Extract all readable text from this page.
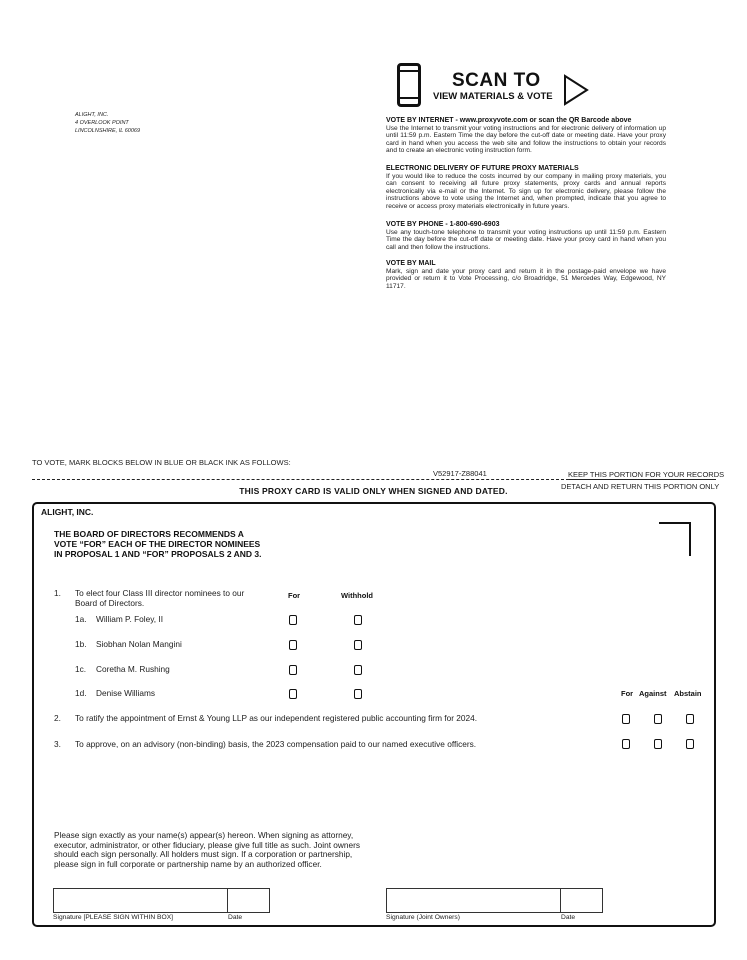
ALIGHT, INC.
4 OVERLOOK POINT
LINCOLNSHIRE, IL 60069
SCAN TO
VIEW MATERIALS & VOTE
VOTE BY INTERNET - www.proxyvote.com or scan the QR Barcode above

Use the Internet to transmit your voting instructions and for electronic delivery of information up until 11:59 p.m. Eastern Time the day before the cut-off date or meeting date. Have your proxy card in hand when you access the web site and follow the instructions to obtain your records and to create an electronic voting instruction form.

ELECTRONIC DELIVERY OF FUTURE PROXY MATERIALS

If you would like to reduce the costs incurred by our company in mailing proxy materials, you can consent to receiving all future proxy statements, proxy cards and annual reports electronically via e-mail or the Internet. To sign up for electronic delivery, please follow the instructions above to vote using the Internet and, when prompted, indicate that you agree to receive or access proxy materials electronically in future years.

VOTE BY PHONE - 1-800-690-6903

Use any touch-tone telephone to transmit your voting instructions up until 11:59 p.m. Eastern Time the day before the cut-off date or meeting date. Have your proxy card in hand when you call and then follow the instructions.

VOTE BY MAIL

Mark, sign and date your proxy card and return it in the postage-paid envelope we have provided or return it to Vote Processing, c/o Broadridge, 51 Mercedes Way, Edgewood, NY 11717.

TO VOTE, MARK BLOCKS BELOW IN BLUE OR BLACK INK AS FOLLOWS:
V52917-Z88041	KEEP THIS PORTION FOR YOUR RECORDS
DETACH AND RETURN THIS PORTION ONLY
THIS PROXY CARD IS VALID ONLY WHEN SIGNED AND DATED.
ALIGHT, INC.
THE BOARD OF DIRECTORS RECOMMENDS A
VOTE “FOR” EACH OF THE DIRECTOR NOMINEES
IN PROPOSAL 1 AND “FOR” PROPOSALS 2 AND 3.
1. To elect four Class III director nominees to our
Board of Directors.
For	Withhold
1a. William P. Foley, II
1b. Siobhan Nolan Mangini
1c. Coretha M. Rushing
1d. Denise Williams	For Against Abstain
2. To ratify the appointment of Ernst & Young LLP as our independent registered public accounting firm for 2024.
3. To approve, on an advisory (non-binding) basis, the 2023 compensation paid to our named executive officers.
Please sign exactly as your name(s) appear(s) hereon. When signing as attorney,
executor, administrator, or other fiduciary, please give full title as such. Joint owners
should each sign personally. All holders must sign. If a corporation or partnership,
please sign in full corporate or partnership name by an authorized officer.
Signature [PLEASE SIGN WITHIN BOX]	Date	Signature (Joint Owners)	Date
